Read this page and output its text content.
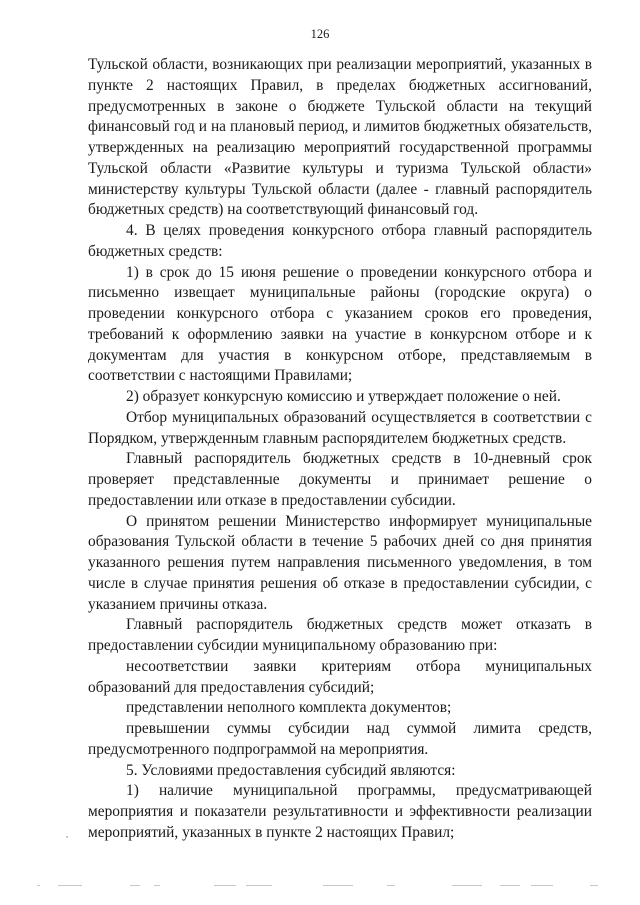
126

Тульской области, возникающих при реализации мероприятий, указанных в пункте 2 настоящих Правил, в пределах бюджетных ассигнований, предусмотренных в законе о бюджете Тульской области на текущий финансовый год и на плановый период, и лимитов бюджетных обязательств, утвержденных на реализацию мероприятий государственной программы Тульской области «Развитие культуры и туризма Тульской области» министерству культуры Тульской области (далее - главный распорядитель бюджетных средств) на соответствующий финансовый год.

4. В целях проведения конкурсного отбора главный распорядитель бюджетных средств:

1) в срок до 15 июня решение о проведении конкурсного отбора и письменно извещает муниципальные районы (городские округа) о проведении конкурсного отбора с указанием сроков его проведения, требований к оформлению заявки на участие в конкурсном отборе и к документам для участия в конкурсном отборе, представляемым в соответствии с настоящими Правилами;

2) образует конкурсную комиссию и утверждает положение о ней.

Отбор муниципальных образований осуществляется в соответствии с Порядком, утвержденным главным распорядителем бюджетных средств.

Главный распорядитель бюджетных средств в 10-дневный срок проверяет представленные документы и принимает решение о предоставлении или отказе в предоставлении субсидии.

О принятом решении Министерство информирует муниципальные образования Тульской области в течение 5 рабочих дней со дня принятия указанного решения путем направления письменного уведомления, в том числе в случае принятия решения об отказе в предоставлении субсидии, с указанием причины отказа.

Главный распорядитель бюджетных средств может отказать в предоставлении субсидии муниципальному образованию при:

несоответствии заявки критериям отбора муниципальных образований для предоставления субсидий;

представлении неполного комплекта документов;

превышении суммы субсидии над суммой лимита средств, предусмотренного подпрограммой на мероприятия.

5. Условиями предоставления субсидий являются:

1) наличие муниципальной программы, предусматривающей мероприятия и показатели результативности и эффективности реализации мероприятий, указанных в пункте 2 настоящих Правил;
